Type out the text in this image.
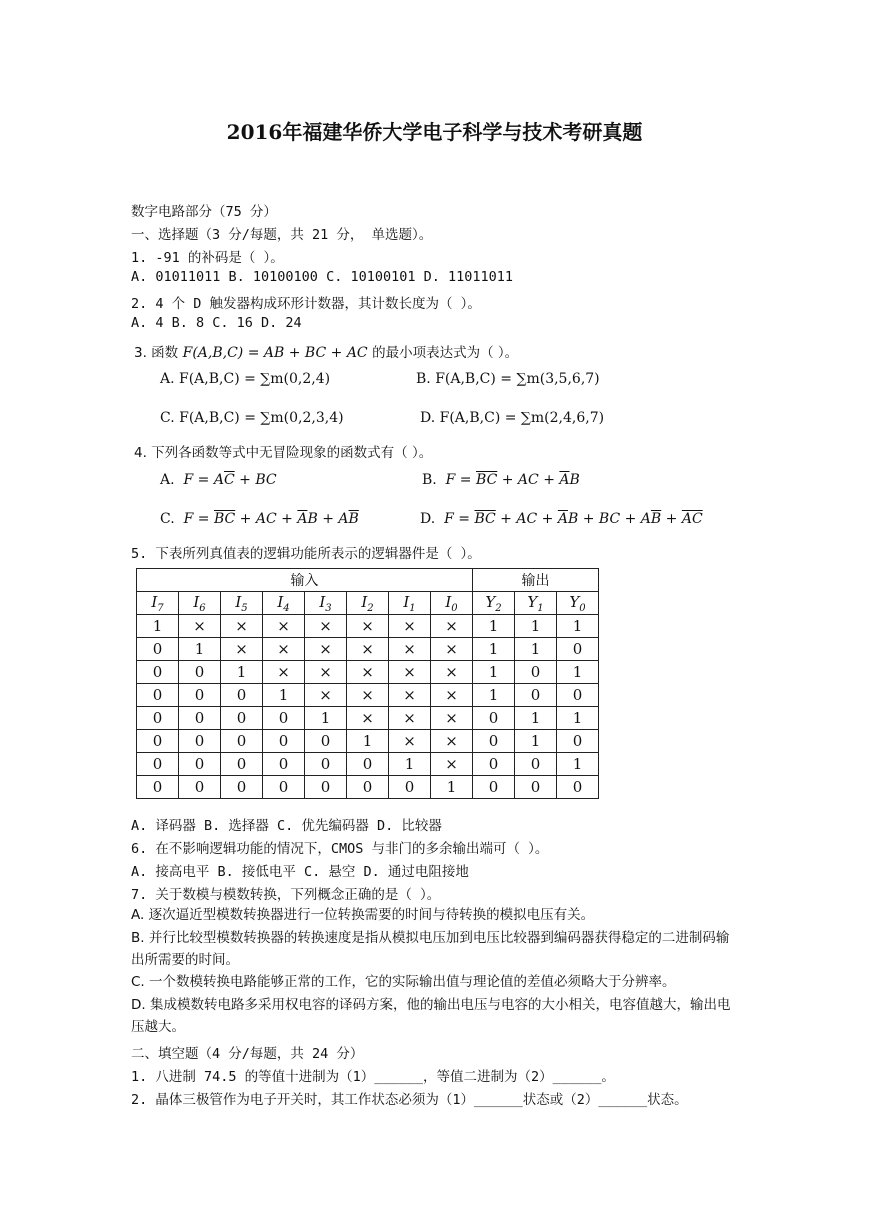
2016年福建华侨大学电子科学与技术考研真题
数字电路部分（75 分）
一、选择题（3 分/每题，共 21 分， 单选题）。
1. -91 的补码是（ ）。
A. 01011011 B. 10100100 C. 10100101 D. 11011011
2. 4 个 D 触发器构成环形计数器，其计数长度为（ ）。
A. 4 B. 8 C. 16 D. 24
3. 函数 F(A,B,C) = AB + BC + AC 的最小项表达式为（ ）。
A. F(A,B,C) = ∑m(0,2,4)	B. F(A,B,C) = ∑m(3,5,6,7)
C. F(A,B,C) = ∑m(0,2,3,4)	D. F(A,B,C) = ∑m(2,4,6,7)
4. 下列各函数等式中无冒险现象的函数式有（ ）。
A.  $F = A\overline{C}$ + BC	B.  $F = \overline{B}\overline{C}$ + AC + $\overline{A}B$
C.  $F = \overline{B}\overline{C}$ + AC + $\overline{A}B + A\overline{B}$	D.  $F = \overline{B}\overline{C}$ + AC + $\overline{A}B$ + BC + $A\overline{B} + \overline{A}\overline{C}$
5. 下表所列真值表的逻辑功能所表示的逻辑器件是（ ）。
输入								输出		
$I_7$	$I_6$	$I_5$	$I_4$	$I_3$	$I_2$	$I_1$	$I_0$	$Y_2$	$Y_1$	$Y_0$
1	×	×	×	×	×	×	×	1	1	1
0	1	×	×	×	×	×	×	1	1	0
0	0	1	×	×	×	×	×	1	0	1
0	0	0	1	×	×	×	×	1	0	0
0	0	0	0	1	×	×	×	0	1	1
0	0	0	0	0	1	×	×	0	1	0
0	0	0	0	0	0	1	×	0	0	1
0	0	0	0	0	0	0	1	0	0	0
A. 译码器 B. 选择器 C. 优先编码器 D. 比较器
6. 在不影响逻辑功能的情况下，CMOS 与非门的多余输出端可（ ）。
A. 接高电平 B. 接低电平 C. 悬空 D. 通过电阻接地
7. 关于数模与模数转换，下列概念正确的是（ ）。
A. 逐次逼近型模数转换器进行一位转换需要的时间与待转换的模拟电压有关。
B. 并行比较型模数转换器的转换速度是指从模拟电压加到电压比较器到编码器获得稳定的二进制码输出所需要的时间。
C. 一个数模转换电路能够正常的工作，它的实际输出值与理论值的差值必须略大于分辨率。
D. 集成模数转电路多采用权电容的译码方案，他的输出电压与电容的大小相关，电容值越大，输出电压越大。
二、填空题（4 分/每题，共 24 分）
1. 八进制 74.5 的等值十进制为（1）______，等值二进制为（2）______。
2. 晶体三极管作为电子开关时，其工作状态必须为（1）______状态或（2）______状态。
